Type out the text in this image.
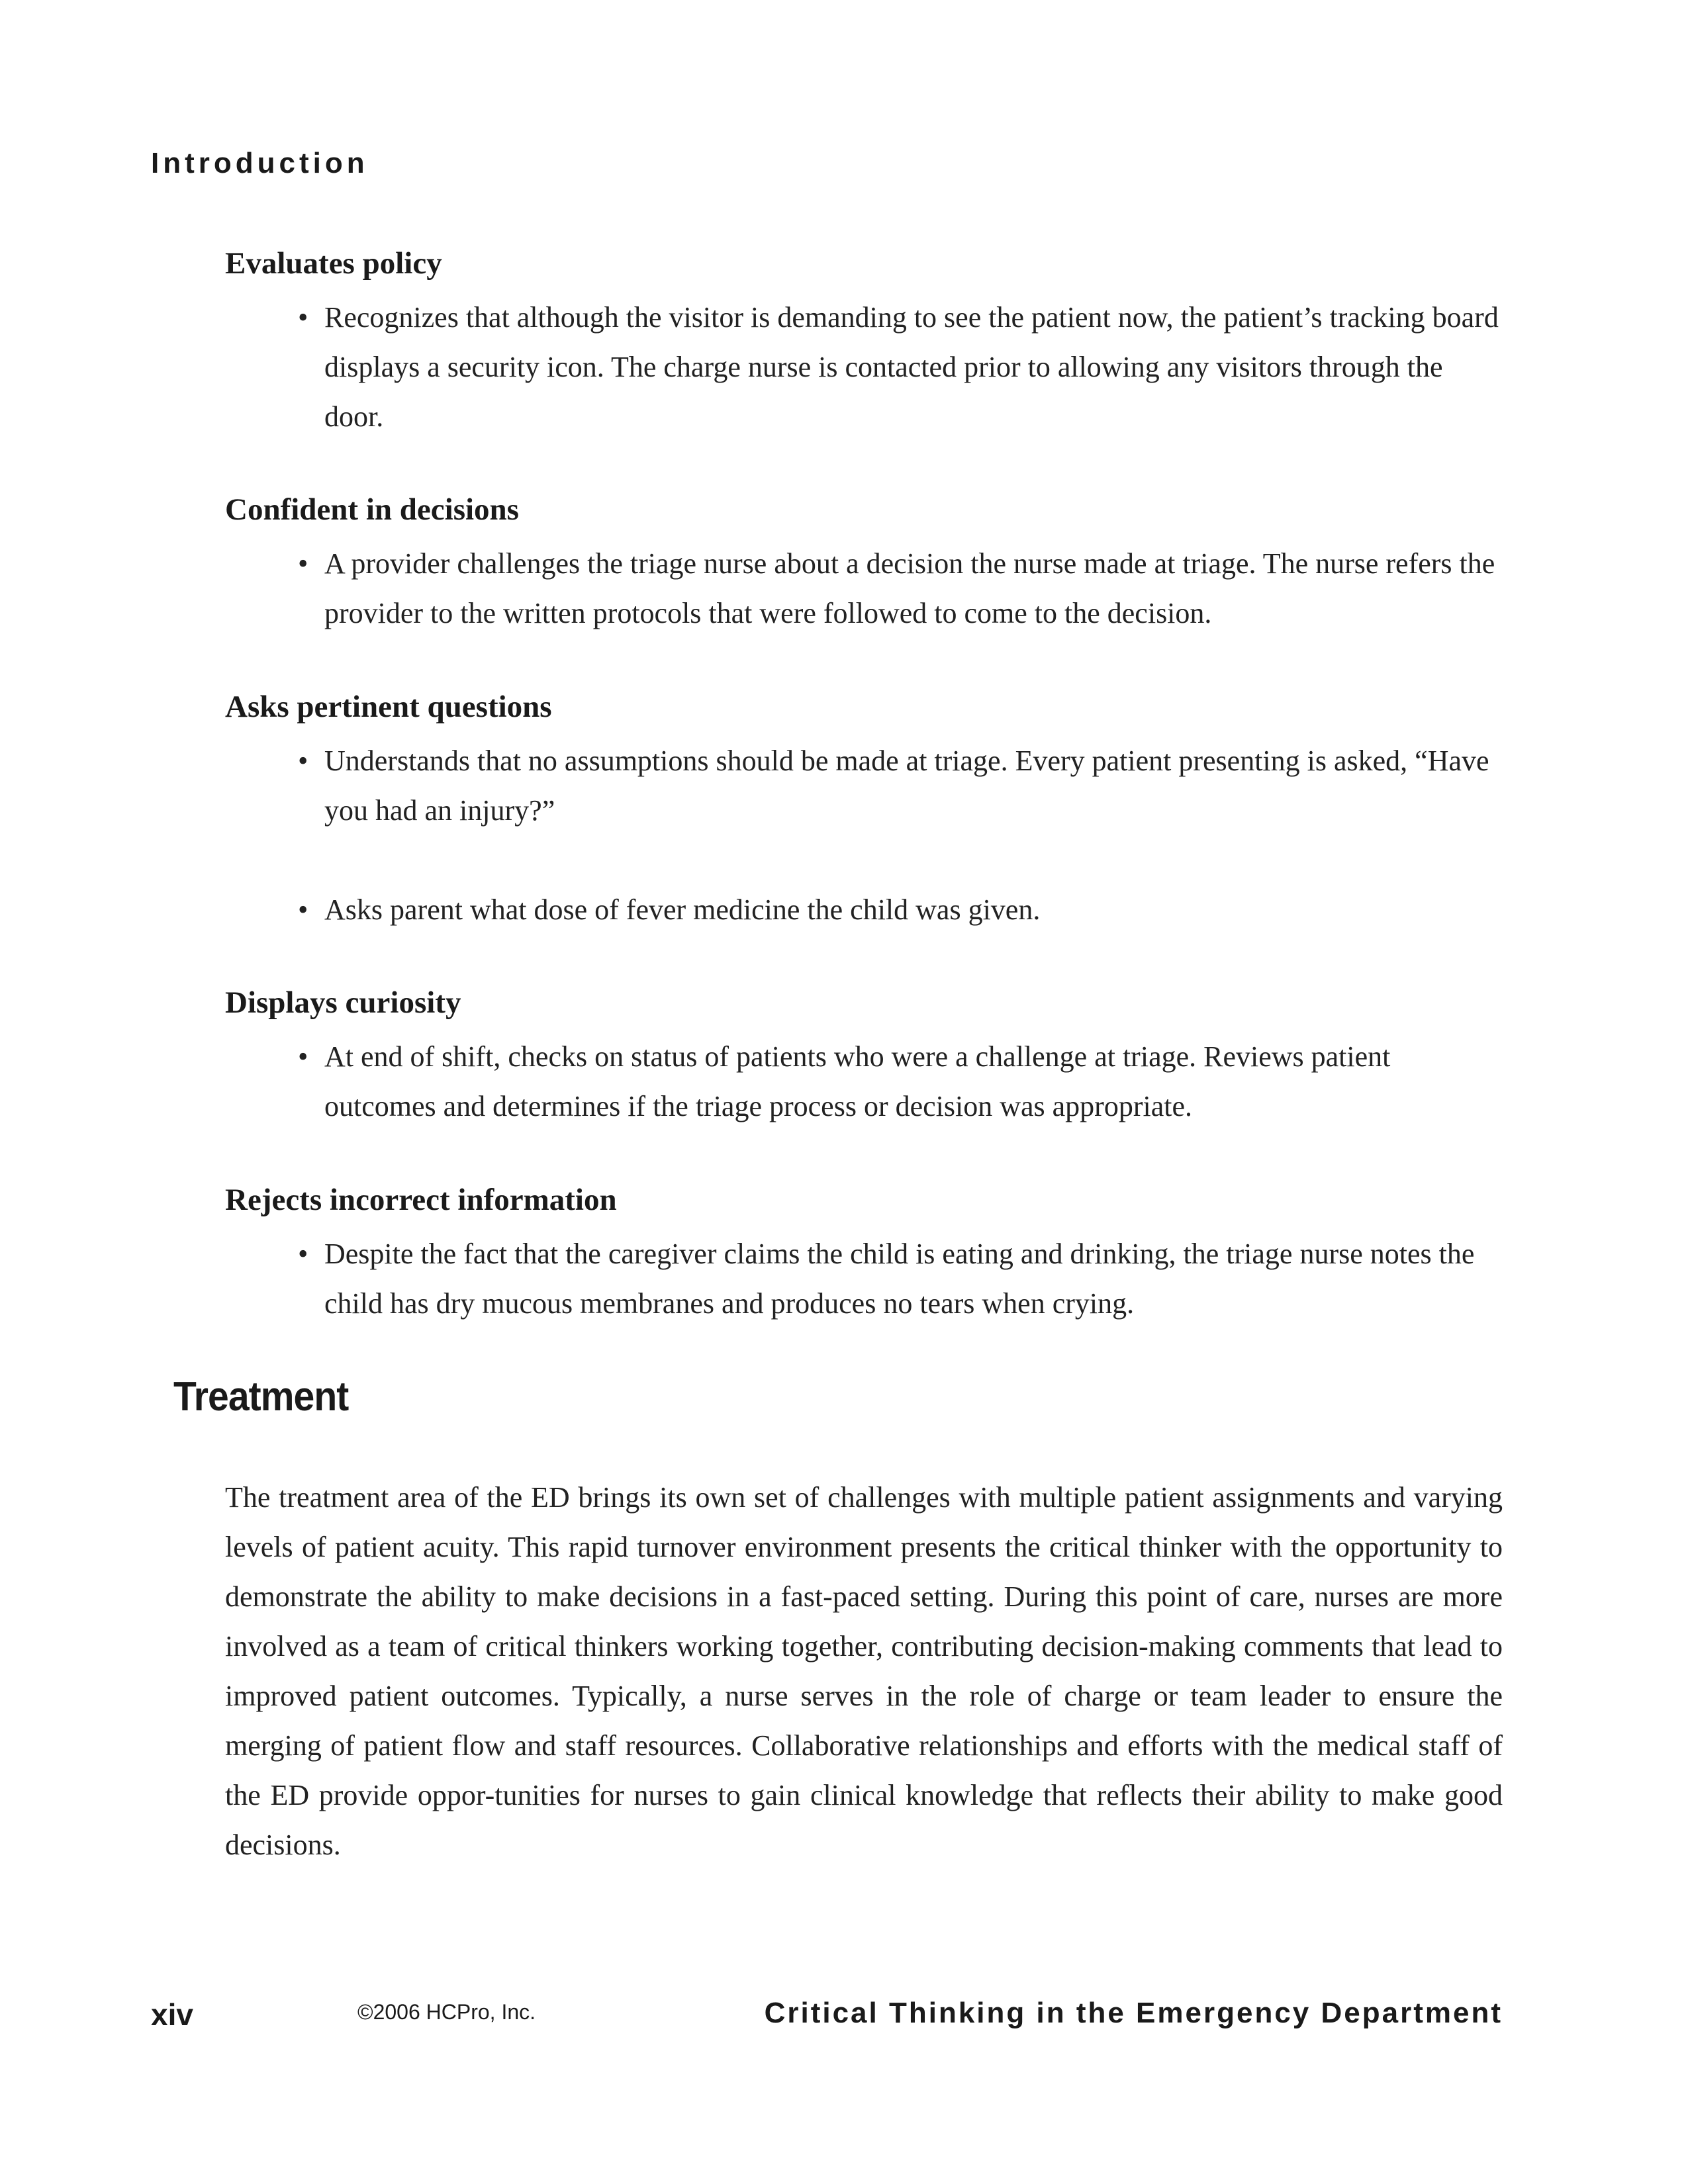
Introduction
Evaluates policy

• Recognizes that although the visitor is demanding to see the patient now, the patient’s tracking board displays a security icon. The charge nurse is contacted prior to allowing any visitors through the door.

Confident in decisions

• A provider challenges the triage nurse about a decision the nurse made at triage. The nurse refers the provider to the written protocols that were followed to come to the decision.

Asks pertinent questions

• Understands that no assumptions should be made at triage. Every patient presenting is asked, “Have you had an injury?”

• Asks parent what dose of fever medicine the child was given.

Displays curiosity

• At end of shift, checks on status of patients who were a challenge at triage. Reviews patient outcomes and determines if the triage process or decision was appropriate.

Rejects incorrect information

• Despite the fact that the caregiver claims the child is eating and drinking, the triage nurse notes the child has dry mucous membranes and produces no tears when crying.

Treatment

The treatment area of the ED brings its own set of challenges with multiple patient assignments and varying levels of patient acuity. This rapid turnover environment presents the critical thinker with the opportunity to demonstrate the ability to make decisions in a fast-paced setting. During this point of care, nurses are more involved as a team of critical thinkers working together, contributing decision-making comments that lead to improved patient outcomes. Typically, a nurse serves in the role of charge or team leader to ensure the merging of patient flow and staff resources. Collaborative relationships and efforts with the medical staff of the ED provide oppor-tunities for nurses to gain clinical knowledge that reflects their ability to make good decisions.

xiv	©2006 HCPro, Inc.	Critical Thinking in the Emergency Department
